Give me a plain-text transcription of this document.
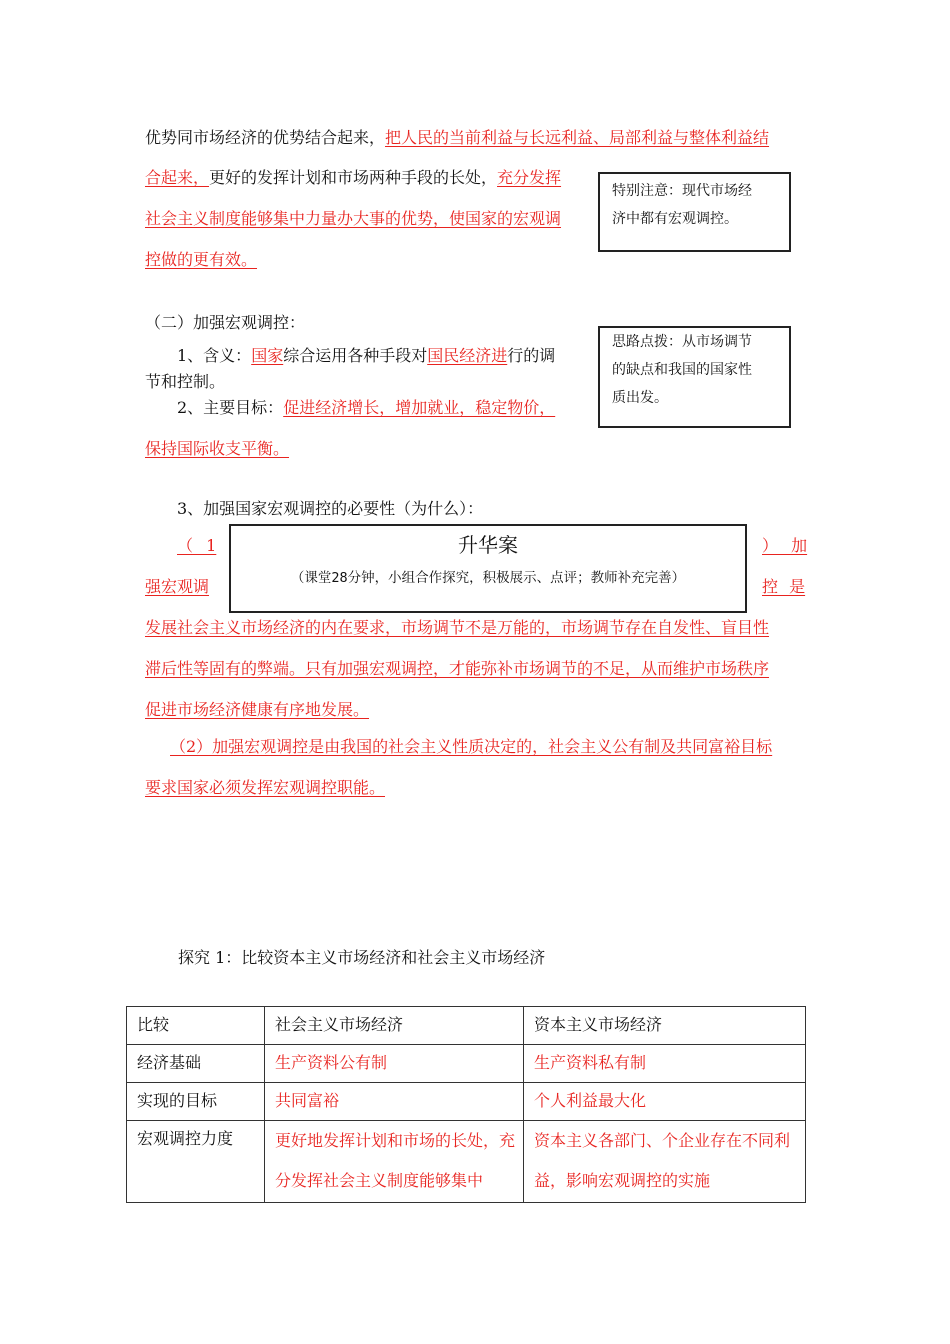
优势同市场经济的优势结合起来，把人民的当前利益与长远利益、局部利益与整体利益结
合起来，更好的发挥计划和市场两种手段的长处，充分发挥
社会主义制度能够集中力量办大事的优势，使国家的宏观调
控做的更有效。
特别注意：现代市场经
济中都有宏观调控。
（二）加强宏观调控：
1、含义：国家综合运用各种手段对国民经济进行的调
节和控制。
2、主要目标：促进经济增长，增加就业，稳定物价，
保持国际收支平衡。
思路点拨：从市场调节
的缺点和我国的国家性
质出发。
3、加强国家宏观调控的必要性（为什么）：
（ 1	） 加
强宏观调	控 是
升华案
（课堂28分钟，小组合作探究，积极展示、点评；教师补充完善）
发展社会主义市场经济的内在要求，市场调节不是万能的，市场调节存在自发性、盲目性
滞后性等固有的弊端。只有加强宏观调控，才能弥补市场调节的不足，从而维护市场秩序
促进市场经济健康有序地发展。
（2）加强宏观调控是由我国的社会主义性质决定的，社会主义公有制及共同富裕目标
要求国家必须发挥宏观调控职能。
探究 1：比较资本主义市场经济和社会主义市场经济
比较	社会主义市场经济	资本主义市场经济
经济基础	生产资料公有制	生产资料私有制
实现的目标	共同富裕	个人利益最大化
宏观调控力度	更好地发挥计划和市场的长处，充分发挥社会主义制度能够集中	资本主义各部门、个企业存在不同利益，影响宏观调控的实施
